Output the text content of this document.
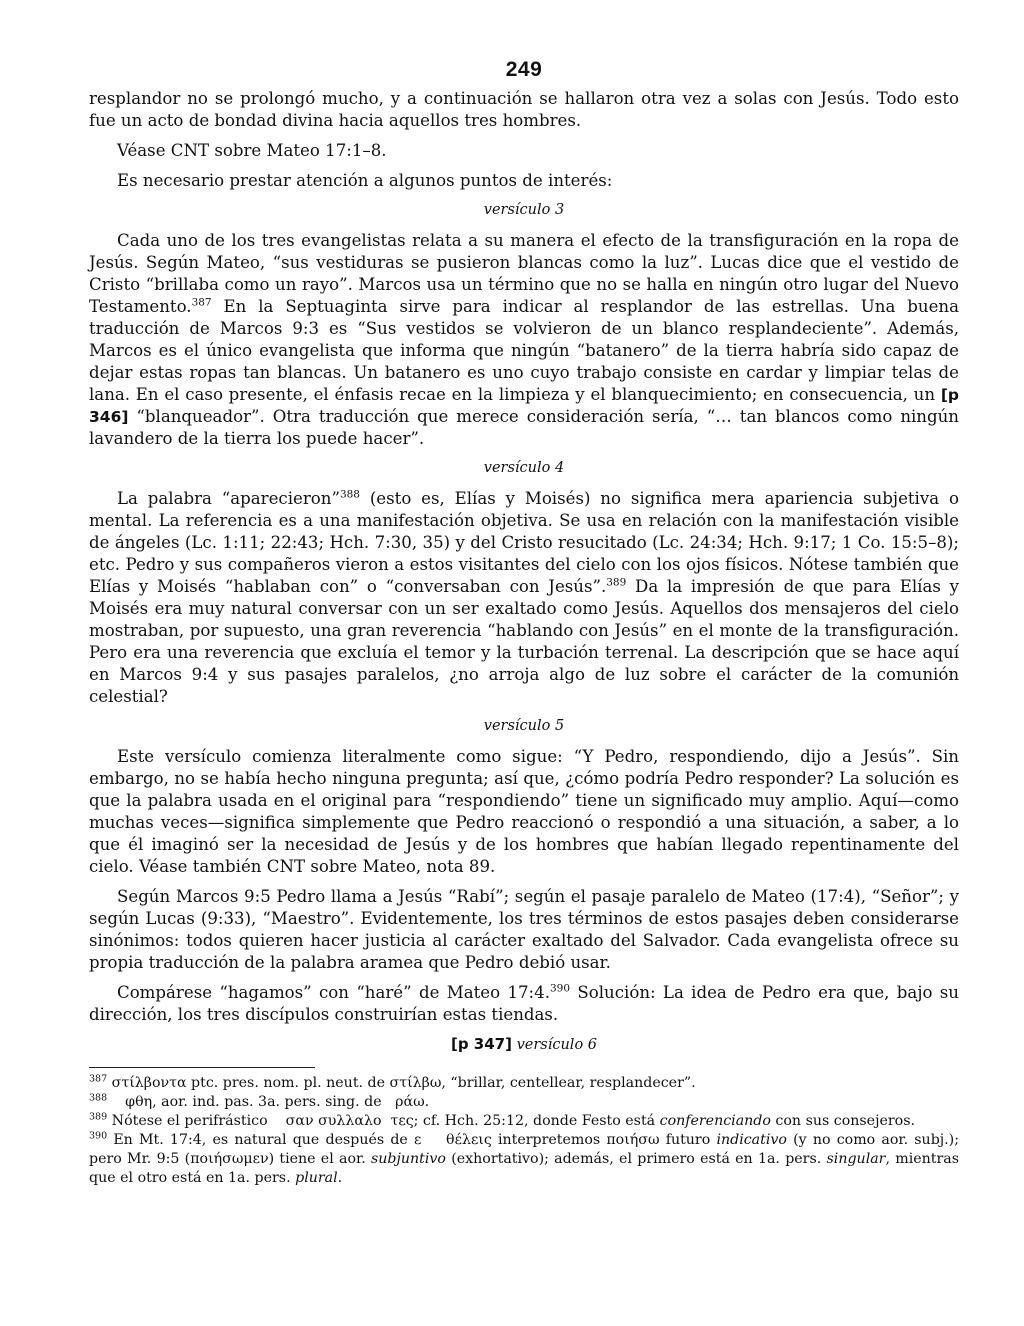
249

resplandor no se prolongó mucho, y a continuación se hallaron otra vez a solas con Jesús. Todo esto fue un acto de bondad divina hacia aquellos tres hombres.

Véase CNT sobre Mateo 17:1–8.

Es necesario prestar atención a algunos puntos de interés:

versículo 3

Cada uno de los tres evangelistas relata a su manera el efecto de la transfiguración en la ropa de Jesús. Según Mateo, “sus vestiduras se pusieron blancas como la luz”. Lucas dice que el vestido de Cristo “brillaba como un rayo”. Marcos usa un término que no se halla en ningún otro lugar del Nuevo Testamento.$^{387}$ En la Septuaginta sirve para indicar al resplandor de las estrellas. Una buena traducción de Marcos 9:3 es “Sus vestidos se volvieron de un blanco resplandeciente”. Además, Marcos es el único evangelista que informa que ningún “batanero” de la tierra habría sido capaz de dejar estas ropas tan blancas. Un batanero es uno cuyo trabajo consiste en cardar y limpiar telas de lana. En el caso presente, el énfasis recae en la limpieza y el blanquecimiento; en consecuencia, un [p 346] “blanqueador”. Otra traducción que merece consideración sería, “… tan blancos como ningún lavandero de la tierra los puede hacer”.

versículo 4

La palabra “aparecieron”$^{388}$ (esto es, Elías y Moisés) no significa mera apariencia subjetiva o mental. La referencia es a una manifestación objetiva. Se usa en relación con la manifestación visible de ángeles (Lc. 1:11; 22:43; Hch. 7:30, 35) y del Cristo resucitado (Lc. 24:34; Hch. 9:17; 1 Co. 15:5–8); etc. Pedro y sus compañeros vieron a estos visitantes del cielo con los ojos físicos. Nótese también que Elías y Moisés “hablaban con” o “conversaban con Jesús”.$^{389}$ Da la impresión de que para Elías y Moisés era muy natural conversar con un ser exaltado como Jesús. Aquellos dos mensajeros del cielo mostraban, por supuesto, una gran reverencia “hablando con Jesús” en el monte de la transfiguración. Pero era una reverencia que excluía el temor y la turbación terrenal. La descripción que se hace aquí en Marcos 9:4 y sus pasajes paralelos, ¿no arroja algo de luz sobre el carácter de la comunión celestial?

versículo 5

Este versículo comienza literalmente como sigue: “Y Pedro, respondiendo, dijo a Jesús”. Sin embargo, no se había hecho ninguna pregunta; así que, ¿cómo podría Pedro responder? La solución es que la palabra usada en el original para “respondiendo” tiene un significado muy amplio. Aquí—como muchas veces—significa simplemente que Pedro reaccionó o respondió a una situación, a saber, a lo que él imaginó ser la necesidad de Jesús y de los hombres que habían llegado repentinamente del cielo. Véase también CNT sobre Mateo, nota 89.

Según Marcos 9:5 Pedro llama a Jesús “Rabí”; según el pasaje paralelo de Mateo (17:4), “Señor”; y según Lucas (9:33), “Maestro”. Evidentemente, los tres términos de estos pasajes deben considerarse sinónimos: todos quieren hacer justicia al carácter exaltado del Salvador. Cada evangelista ofrece su propia traducción de la palabra aramea que Pedro debió usar.

Compárese “hagamos” con “haré” de Mateo 17:4.$^{390}$ Solución: La idea de Pedro era que, bajo su dirección, los tres discípulos construirían estas tiendas.

[p 347] versículo 6

$^{387}$ στίλβοντα ptc. pres. nom. pl. neut. de στίλβω, “brillar, centellear, resplandecer”.

$^{388}$    φθη, aor. ind. pas. 3a. pers. sing. de   ράω.

$^{389}$ Nótese el perifrástico    σαν συλλαλο  τες; cf. Hch. 25:12, donde Festo está conferenciando con sus consejeros.

$^{390}$ En Mt. 17:4, es natural que después de ε    θέλεις interpretemos ποιήσω futuro indicativo (y no como aor. subj.); pero Mr. 9:5 (ποιήσωμεν) tiene el aor. subjuntivo (exhortativo); además, el primero está en 1a. pers. singular, mientras que el otro está en 1a. pers. plural.
